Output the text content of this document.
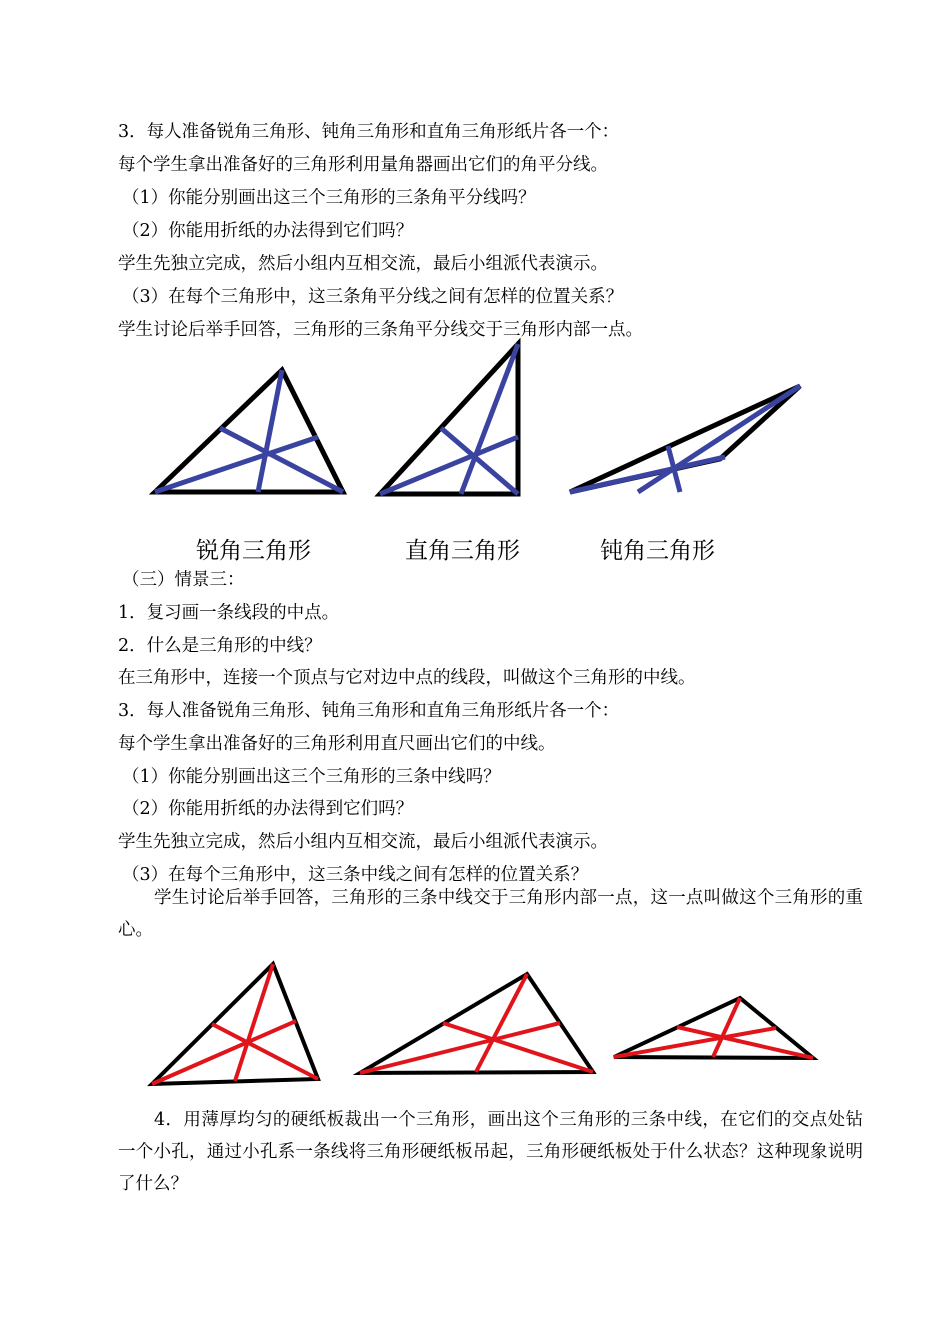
3．每人准备锐角三角形、钝角三角形和直角三角形纸片各一个：
每个学生拿出准备好的三角形利用量角器画出它们的角平分线。
（1）你能分别画出这三个三角形的三条角平分线吗？
（2）你能用折纸的办法得到它们吗？
学生先独立完成，然后小组内互相交流，最后小组派代表演示。
（3）在每个三角形中，这三条角平分线之间有怎样的位置关系？
学生讨论后举手回答，三角形的三条角平分线交于三角形内部一点。
锐角三角形	直角三角形	钝角三角形
（三）情景三：
1．复习画一条线段的中点。
2．什么是三角形的中线？
在三角形中，连接一个顶点与它对边中点的线段，叫做这个三角形的中线。
3．每人准备锐角三角形、钝角三角形和直角三角形纸片各一个：
每个学生拿出准备好的三角形利用直尺画出它们的中线。
（1）你能分别画出这三个三角形的三条中线吗？
（2）你能用折纸的办法得到它们吗？
学生先独立完成，然后小组内互相交流，最后小组派代表演示。
（3）在每个三角形中，这三条中线之间有怎样的位置关系？
学生讨论后举手回答，三角形的三条中线交于三角形内部一点，这一点叫做这个三角形的重心。
4．用薄厚均匀的硬纸板裁出一个三角形，画出这个三角形的三条中线，在它们的交点处钻一个小孔，通过小孔系一条线将三角形硬纸板吊起，三角形硬纸板处于什么状态？这种现象说明了什么？
